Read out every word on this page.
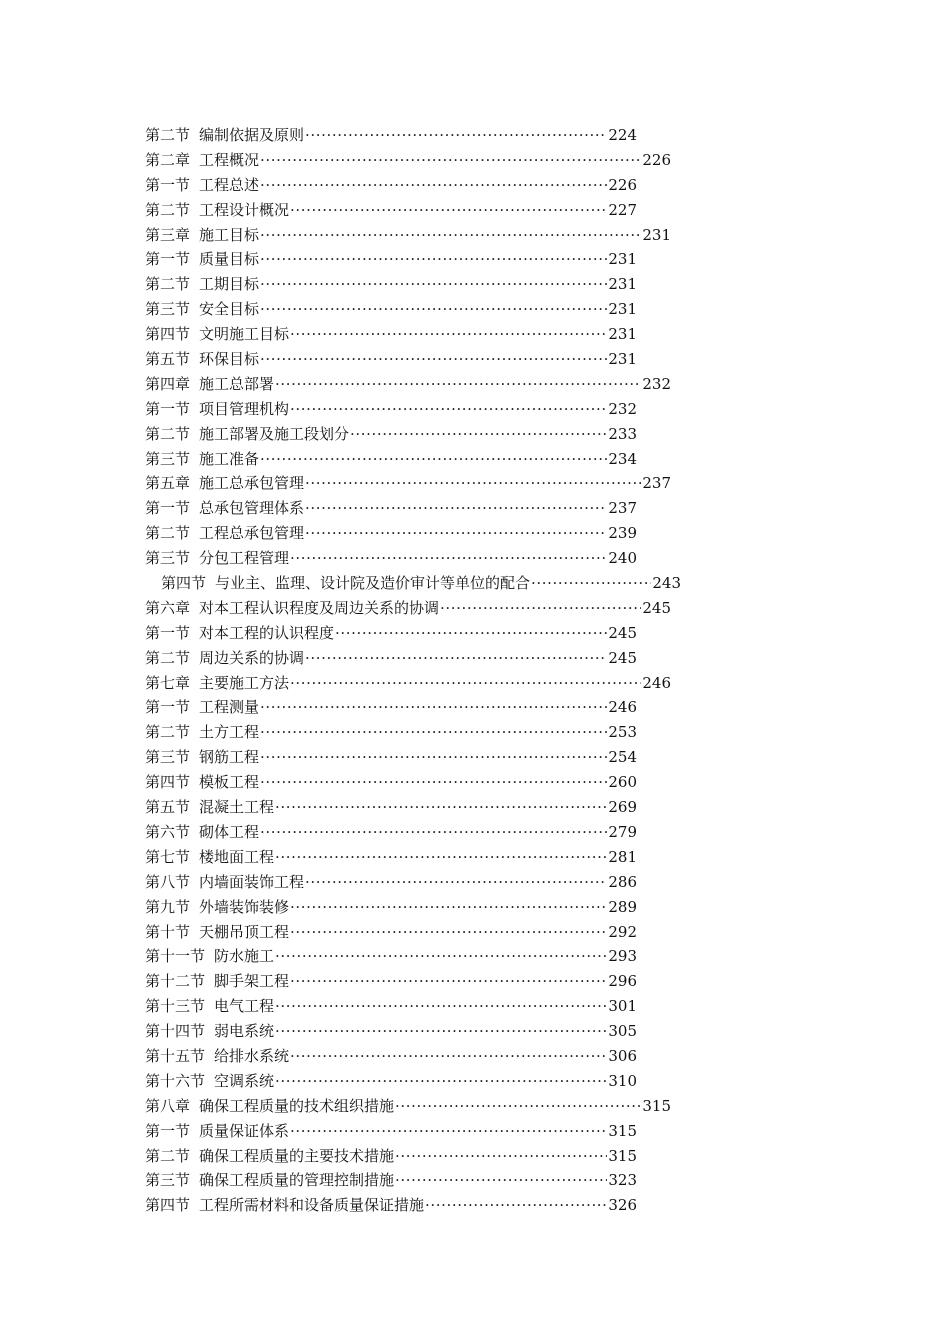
第二节 编制依据及原则 ·····	224
第二章 工程概况 ·····	226
第一节 工程总述 ·····	226
第二节 工程设计概况 ·····	227
第三章 施工目标 ·····	231
第一节 质量目标 ·····	231
第二节 工期目标 ·····	231
第三节 安全目标 ·····	231
第四节 文明施工目标 ·····	231
第五节 环保目标 ·····	231
第四章 施工总部署 ·····	232
第一节 项目管理机构 ·····	232
第二节 施工部署及施工段划分 ·····	233
第三节 施工准备 ·····	234
第五章 施工总承包管理 ·····	237
第一节 总承包管理体系 ·····	237
第二节 工程总承包管理 ·····	239
第三节 分包工程管理 ·····	240
第四节 与业主、监理、设计院及造价审计等单位的配合 ·····	243
第六章 对本工程认识程度及周边关系的协调 ·····	245
第一节 对本工程的认识程度 ·····	245
第二节 周边关系的协调 ·····	245
第七章 主要施工方法 ·····	246
第一节 工程测量 ·····	246
第二节 土方工程 ·····	253
第三节 钢筋工程 ·····	254
第四节 模板工程 ·····	260
第五节 混凝土工程 ·····	269
第六节 砌体工程 ·····	279
第七节 楼地面工程 ·····	281
第八节 内墙面装饰工程 ·····	286
第九节 外墙装饰装修 ·····	289
第十节 天棚吊顶工程 ·····	292
第十一节 防水施工 ·····	293
第十二节 脚手架工程 ·····	296
第十三节 电气工程 ·····	301
第十四节 弱电系统 ·····	305
第十五节 给排水系统 ·····	306
第十六节 空调系统 ·····	310
第八章 确保工程质量的技术组织措施 ·····	315
第一节 质量保证体系 ·····	315
第二节 确保工程质量的主要技术措施 ·····	315
第三节 确保工程质量的管理控制措施 ·····	323
第四节 工程所需材料和设备质量保证措施 ·····	326
